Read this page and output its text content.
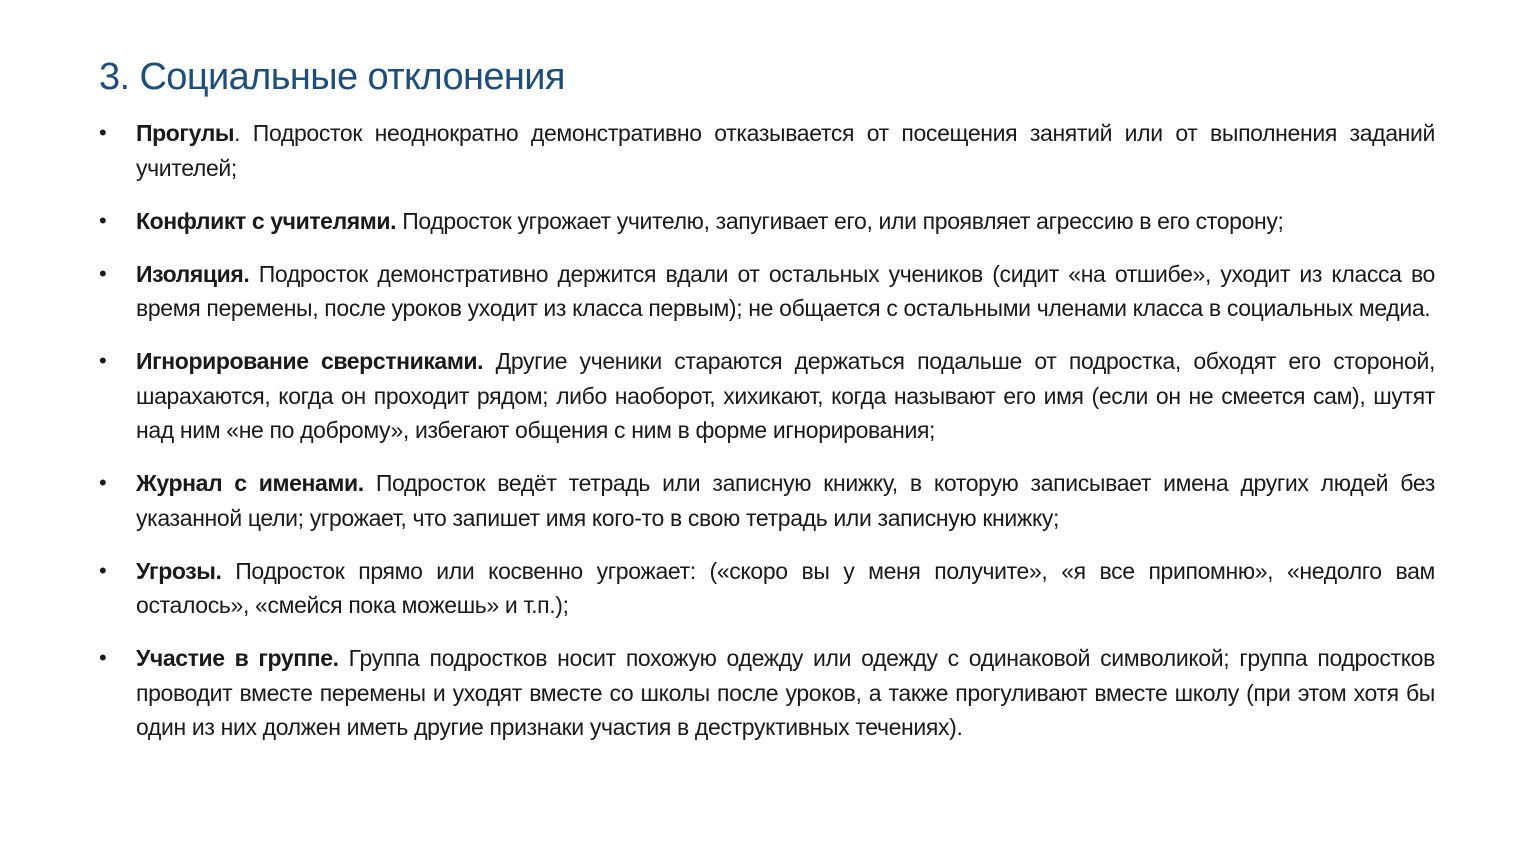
3. Социальные отклонения
• Прогулы. Подросток неоднократно демонстративно отказывается от посещения занятий или от выполнения заданий учителей;
• Конфликт с учителями. Подросток угрожает учителю, запугивает его, или проявляет агрессию в его сторону;
• Изоляция. Подросток демонстративно держится вдали от остальных учеников (сидит «на отшибе», уходит из класса во время перемены, после уроков уходит из класса первым); не общается с остальными членами класса в социальных медиа.
• Игнорирование сверстниками. Другие ученики стараются держаться подальше от подростка, обходят его стороной, шарахаются, когда он проходит рядом; либо наоборот, хихикают, когда называют его имя (если он не смеется сам), шутят над ним «не по доброму», избегают общения с ним в форме игнорирования;
• Журнал с именами. Подросток ведёт тетрадь или записную книжку, в которую записывает имена других людей без указанной цели; угрожает, что запишет имя кого-то в свою тетрадь или записную книжку;
• Угрозы. Подросток прямо или косвенно угрожает: («скоро вы у меня получите», «я все припомню», «недолго вам осталось», «смейся пока можешь» и т.п.);
• Участие в группе. Группа подростков носит похожую одежду или одежду с одинаковой символикой; группа подростков проводит вместе перемены и уходят вместе со школы после уроков, а также прогуливают вместе школу (при этом хотя бы один из них должен иметь другие признаки участия в деструктивных течениях).
